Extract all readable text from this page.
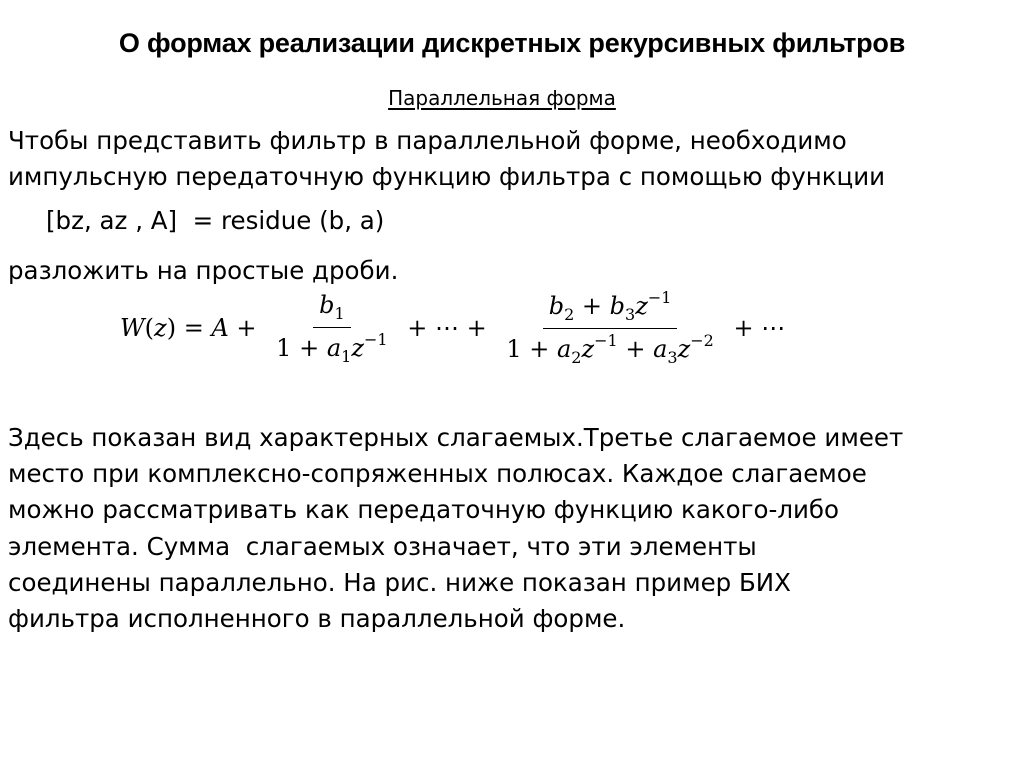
О формах реализации дискретных рекурсивных фильтров
Параллельная форма
Чтобы представить фильтр в параллельной форме, необходимо
импульсную передаточную функцию фильтра с помощью функции
[bz, az , A]  = residue (b, a)
разложить на простые дроби.
W $(z) = A + \frac{b_1}{1 + a_1z^{-1}}$ + ⋯ + $\frac{b_2 + b_3z^{-1}}{1 + a_2z^{-1} + a_3z^{-2}}$ + ⋯
Здесь показан вид характерных слагаемых.Третье слагаемое имеет
место при комплексно-сопряженных полюсах. Каждое слагаемое
можно рассматривать как передаточную функцию какого-либо
элемента. Сумма  слагаемых означает, что эти элементы
соединены параллельно. На рис. ниже показан пример БИХ
фильтра исполненного в параллельной форме.
